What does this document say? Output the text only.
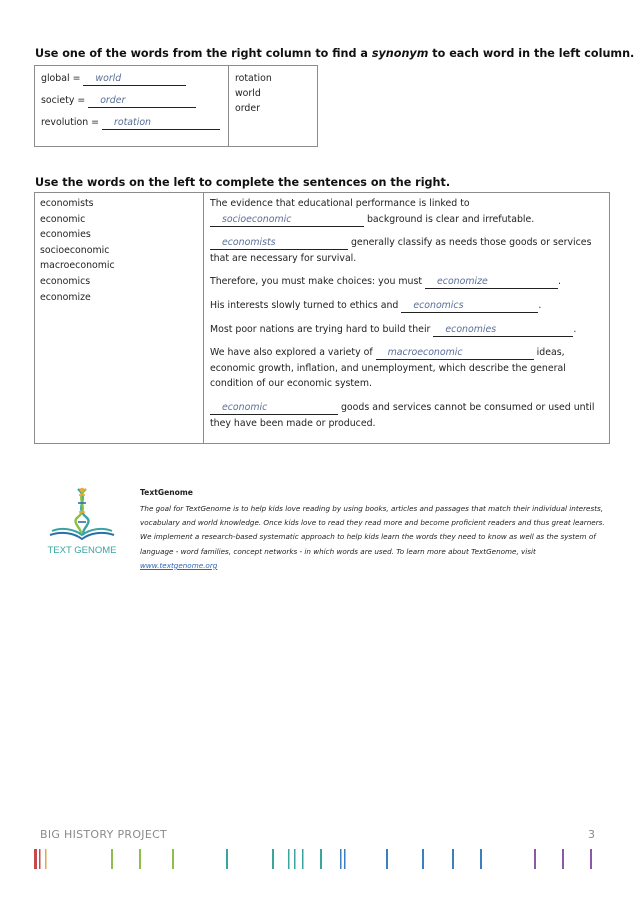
Use one of the words from the right column to find a synonym to each word in the left column.
global = world
society = order
revolution = rotation

rotation
world
order
Use the words on the left to complete the sentences on the right.
economists
economic
economies
socioeconomic
macroeconomic
economics
economize

The evidence that educational performance is linked to
socioeconomic	background is clear and irrefutable.
economists	generally classify as needs those goods or services that are necessary for survival.
Therefore, you must make choices: you must economize	.
His interests slowly turned to ethics and economics	.
Most poor nations are trying hard to build their economies	.
We have also explored a variety of macroeconomic	ideas, economic growth, inflation, and unemployment, which describe the general condition of our economic system.
economic	goods and services cannot be consumed or used until they have been made or produced.
TEXT GENOME
TextGenome
The goal for TextGenome is to help kids love reading by using books, articles and passages that match their individual interests, vocabulary and world knowledge. Once kids love to read they read more and become proficient readers and thus great learners. We implement a research-based systematic approach to help kids learn the words they need to know as well as the system of language - word families, concept networks - in which words are used. To learn more about TextGenome, visit www.textgenome.org
BIG HISTORY PROJECT	3
